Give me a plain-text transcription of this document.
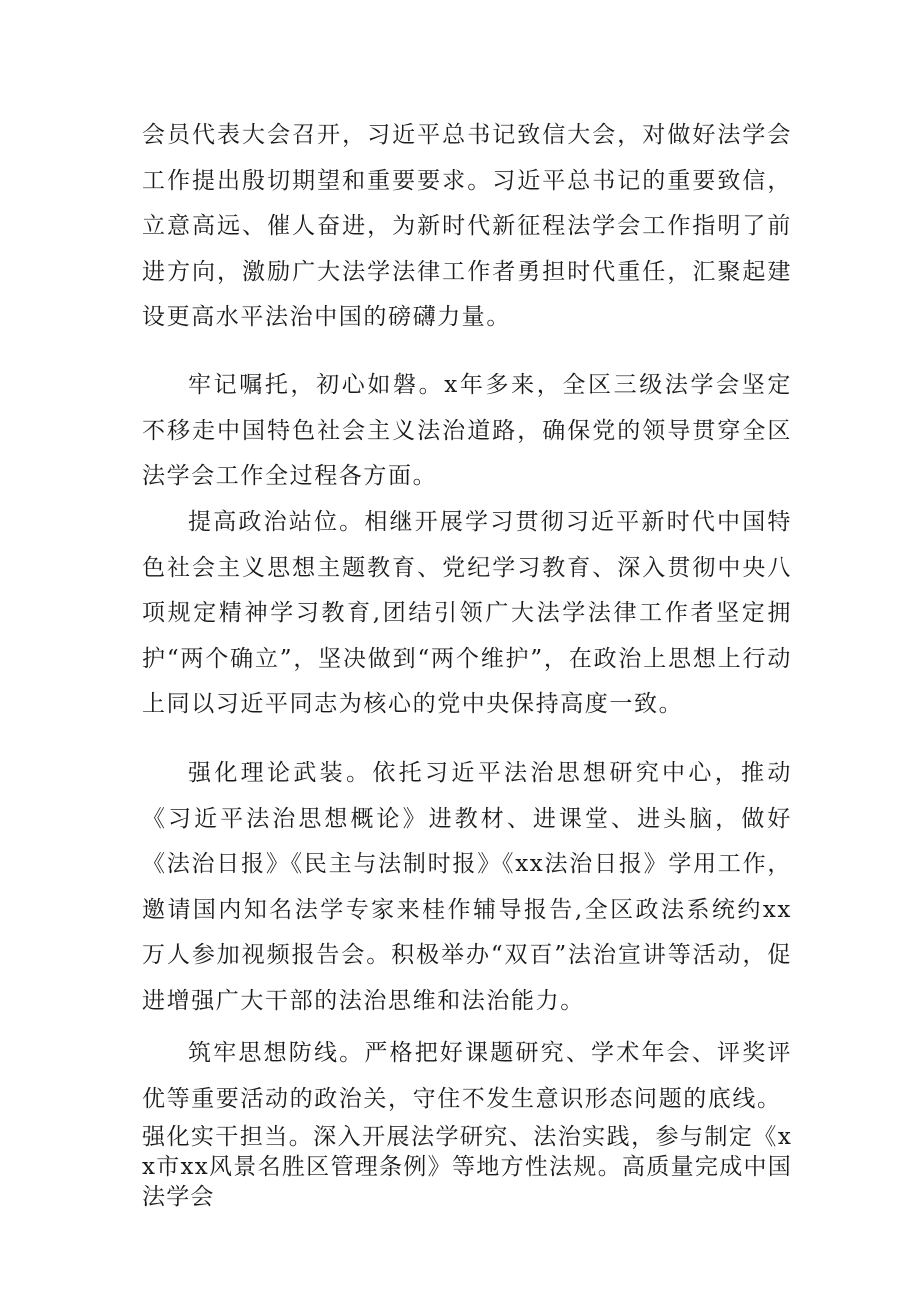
会员代表大会召开，习近平总书记致信大会，对做好法学会工作提出殷切期望和重要要求。习近平总书记的重要致信，立意高远、催人奋进，为新时代新征程法学会工作指明了前进方向，激励广大法学法律工作者勇担时代重任，汇聚起建设更高水平法治中国的磅礴力量。

牢记嘱托，初心如磐。x年多来，全区三级法学会坚定不移走中国特色社会主义法治道路，确保党的领导贯穿全区法学会工作全过程各方面。

提高政治站位。相继开展学习贯彻习近平新时代中国特色社会主义思想主题教育、党纪学习教育、深入贯彻中央八项规定精神学习教育,团结引领广大法学法律工作者坚定拥护“两个确立”，坚决做到“两个维护”，在政治上思想上行动上同以习近平同志为核心的党中央保持高度一致。

强化理论武装。依托习近平法治思想研究中心，推动《习近平法治思想概论》进教材、进课堂、进头脑，做好《法治日报》《民主与法制时报》《xx法治日报》学用工作，邀请国内知名法学专家来桂作辅导报告,全区政法系统约xx万人参加视频报告会。积极举办“双百”法治宣讲等活动，促进增强广大干部的法治思维和法治能力。

筑牢思想防线。严格把好课题研究、学术年会、评奖评优等重要活动的政治关，守住不发生意识形态问题的底线。

强化实干担当。深入开展法学研究、法治实践，参与制定《xx市xx风景名胜区管理条例》等地方性法规。高质量完成中国法学会
